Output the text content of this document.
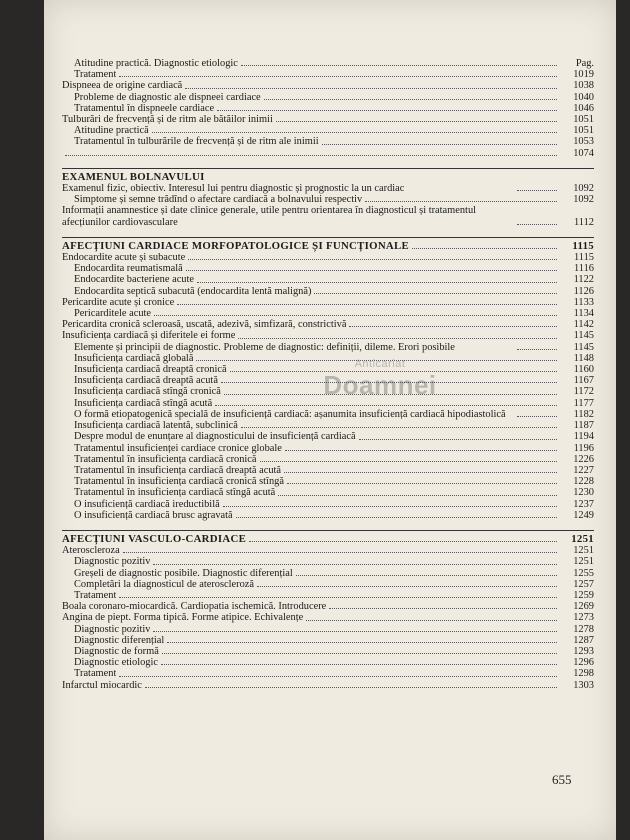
Pag.
Atitudine practică. Diagnostic etiologic
Tratament	1019
Dispneea de origine cardiacă	1038
Probleme de diagnostic ale dispneei cardiace	1040
Tratamentul în dispneele cardiace	1046
Tulburări de frecvență și de ritm ale bătăilor inimii	1051
Atitudine practică	1051
Tratamentul în tulburările de frecvență și de ritm ale inimii	1053
1074
EXAMENUL BOLNAVULUI
Examenul fizic, obiectiv. Interesul lui pentru diagnostic și prognostic la un cardiac	1092
Simptome și semne trădînd o afectare cardiacă a bolnavului respectiv	1092
Informații anamnestice și date clinice generale, utile pentru orientarea în diagnosticul și tratamentul afecțiunilor cardiovasculare	1112
AFECȚIUNI CARDIACE MORFOPATOLOGICE ȘI FUNCȚIONALE	1115
Endocardite acute și subacute	1115
Endocardita reumatismală	1116
Endocardite bacteriene acute	1122
Endocardita septică subacută (endocardita lentă malignă)	1126
Pericardite acute și cronice	1133
Pericarditele acute	1134
Pericardita cronică scleroasă, uscată, adezivă, simfizară, constrictivă	1142
Insuficiența cardiacă și diferitele ei forme	1145
Elemente și principii de diagnostic. Probleme de diagnostic: definiții, dileme. Erori posibile	1145
Insuficiența cardiacă globală	1148
Insuficiența cardiacă dreaptă cronică	1160
Insuficiența cardiacă dreaptă acută	1167
Insuficiența cardiacă stîngă cronică	1172
Insuficiența cardiacă stîngă acută	1177
O formă etiopatogenică specială de insuficiență cardiacă: așanumita insuficiență cardiacă hipodiastolică	1182
Insuficiența cardiacă latentă, subclinică	1187
Despre modul de enunțare al diagnosticului de insuficiență cardiacă	1194
Tratamentul insuficienței cardiace cronice globale	1196
Tratamentul în insuficiența cardiacă cronică	1226
Tratamentul în insuficiența cardiacă dreaptă acută	1227
Tratamentul în insuficiența cardiacă cronică stîngă	1228
Tratamentul în insuficiența cardiacă stîngă acută	1230
O insuficiență cardiacă ireductibilă	1237
O insuficiență cardiacă brusc agravată	1249
AFECȚIUNI VASCULO-CARDIACE	1251
Ateroscleroza	1251
Diagnostic pozitiv	1251
Greșeli de diagnostic posibile. Diagnostic diferențial	1255
Completări la diagnosticul de ateroscleroză	1257
Tratament	1259
Boala coronaro-miocardică. Cardiopatia ischemică. Introducere	1269
Angina de piept. Forma tipică. Forme atipice. Echivalențe	1273
Diagnostic pozitiv	1278
Diagnostic diferențial	1287
Diagnostic de formă	1293
Diagnostic etiologic	1296
Tratament	1298
Infarctul miocardic	1303
Anticariat
Doamnei
655
